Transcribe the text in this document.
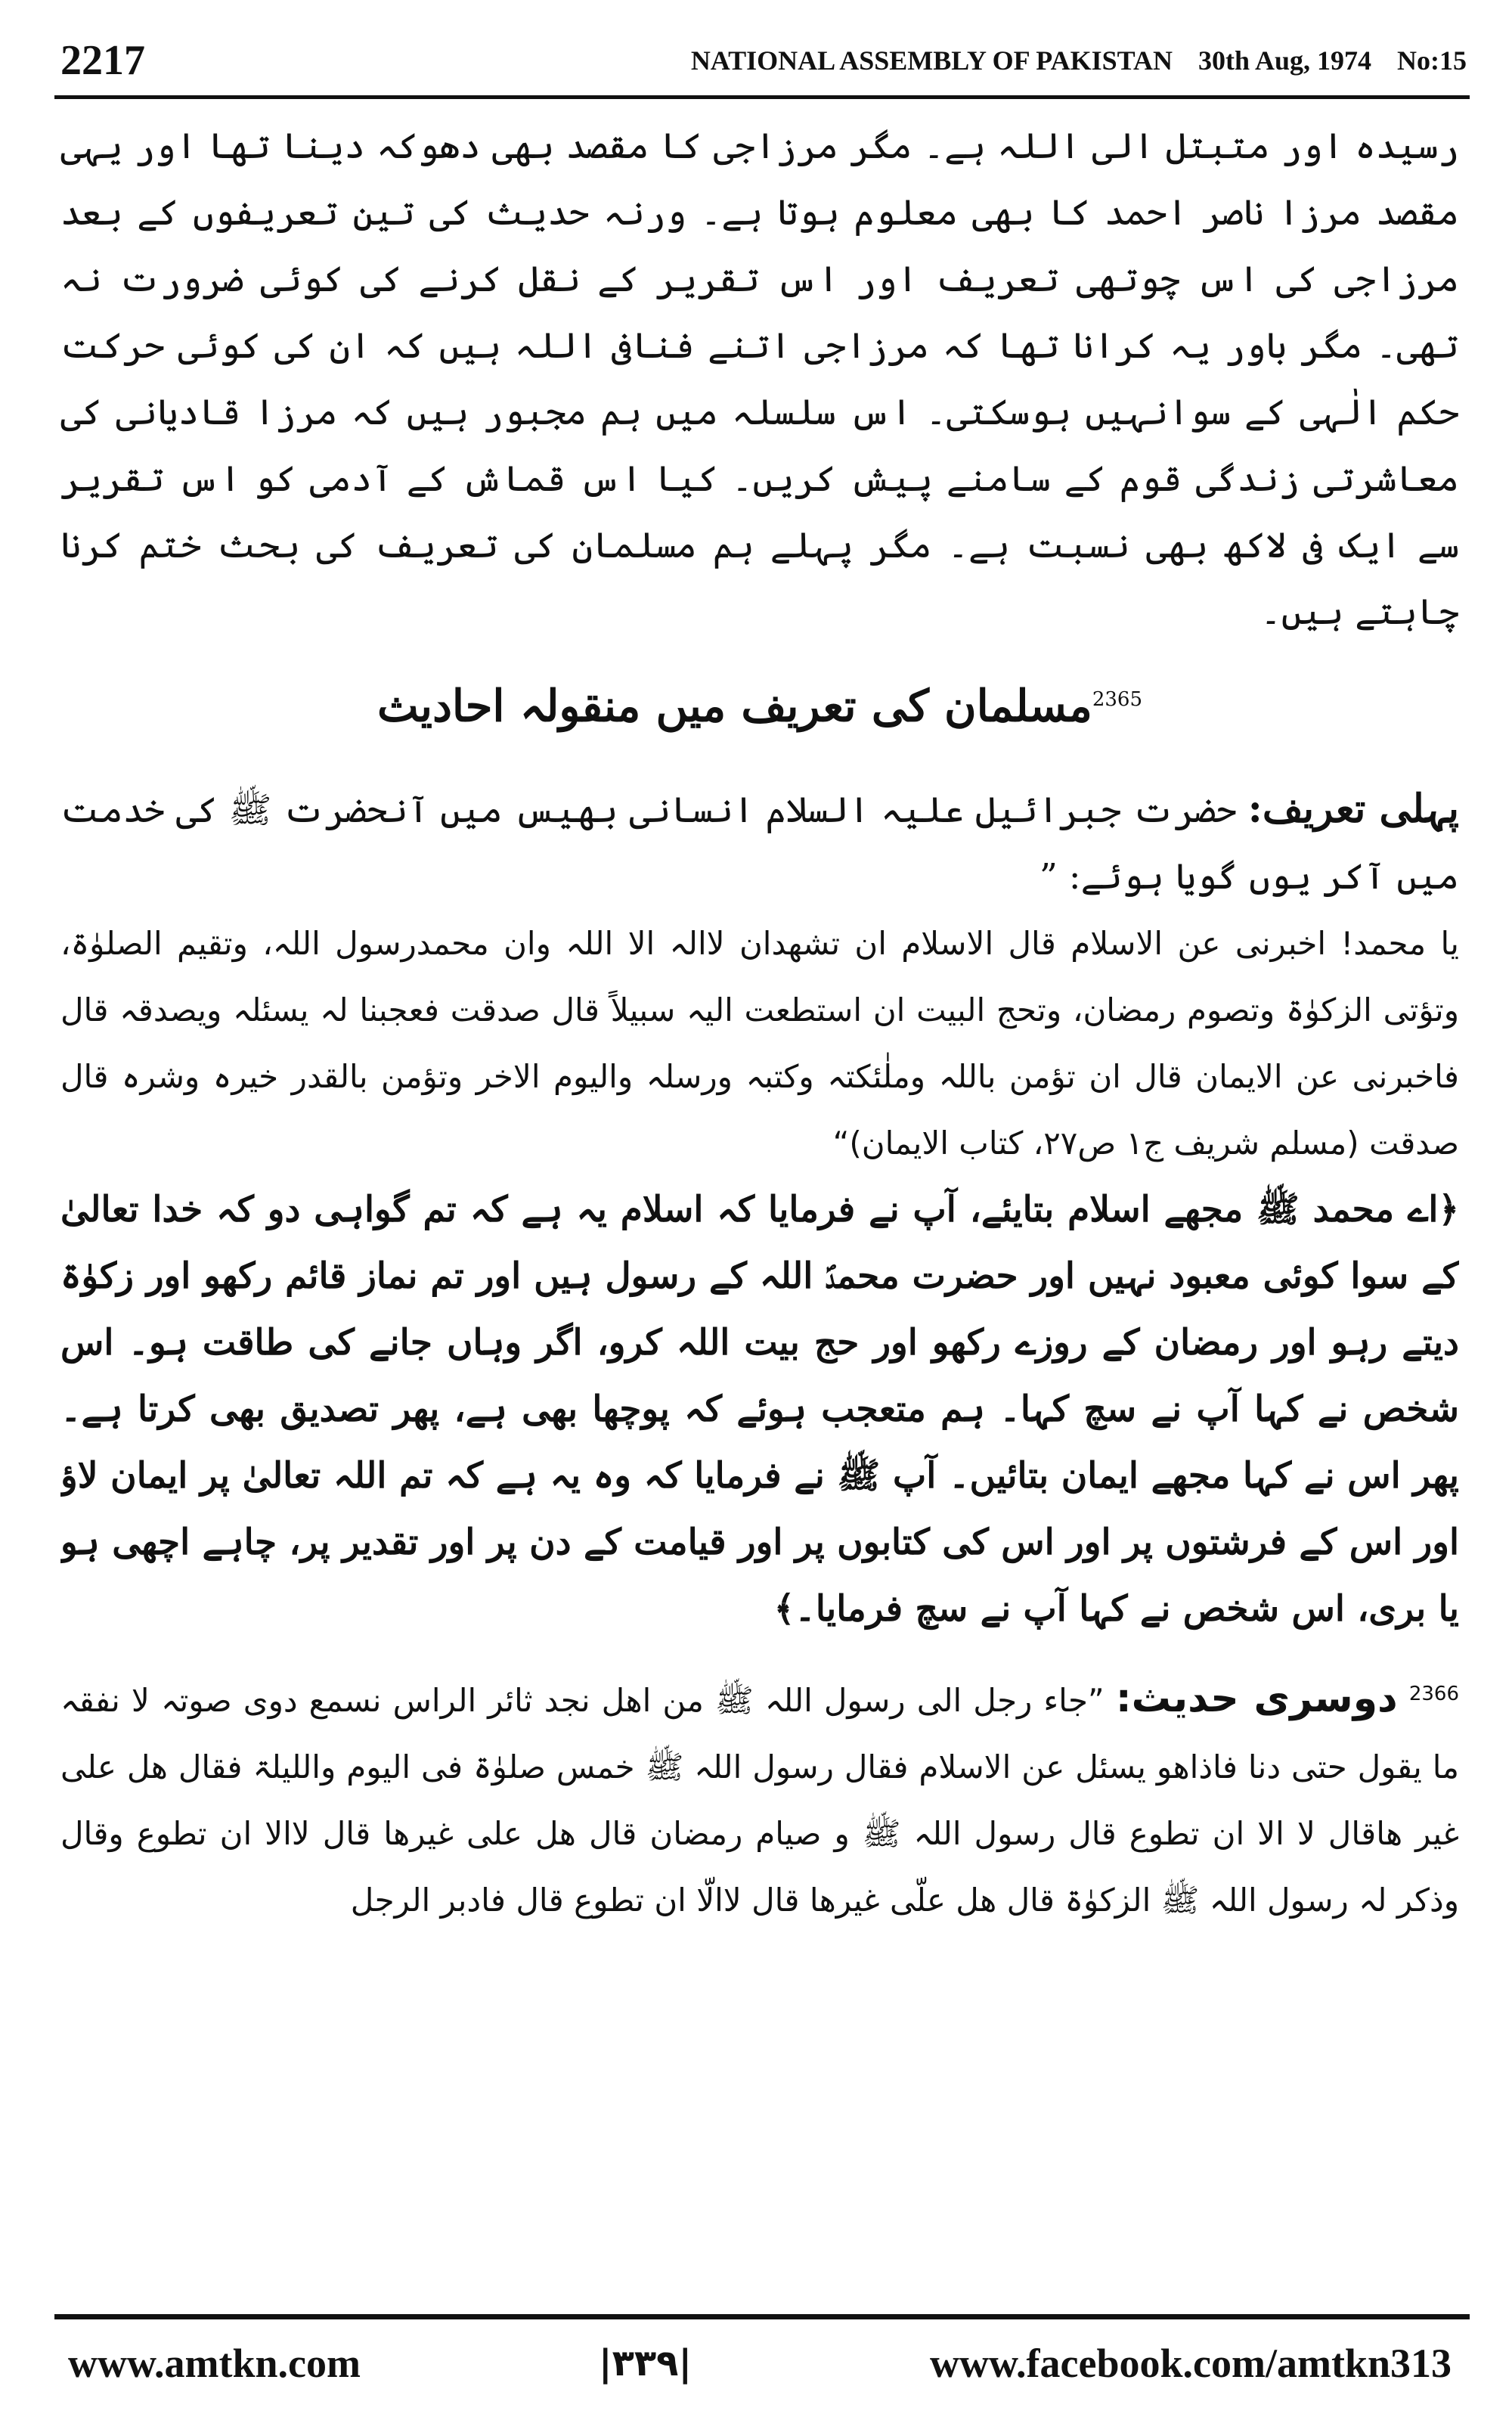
2217	NATIONAL ASSEMBLY OF PAKISTAN 30th Aug, 1974 No:15

رسیدہ اور متبتل الی اللہ ہے۔ مگر مرزاجی کا مقصد بھی دھوکہ دینا تھا اور یہی مقصد مرزا ناصر احمد کا بھی معلوم ہوتا ہے۔ ورنہ حدیث کی تین تعریفوں کے بعد مرزاجی کی اس چوتھی تعریف اور اس تقریر کے نقل کرنے کی کوئی ضرورت نہ تھی۔ مگر باور یہ کرانا تھا کہ مرزاجی اتنے فنافی اللہ ہیں کہ ان کی کوئی حرکت حکم الٰہی کے سوانہیں ہوسکتی۔ اس سلسلہ میں ہم مجبور ہیں کہ مرزا قادیانی کی معاشرتی زندگی قوم کے سامنے پیش کریں۔ کیا اس قماش کے آدمی کو اس تقریر سے ایک فی لاکھ بھی نسبت ہے۔ مگر پہلے ہم مسلمان کی تعریف کی بحث ختم کرنا چاہتے ہیں۔

$^{2365}$مسلمان کی تعریف میں منقولہ احادیث

پہلی تعریف: حضرت جبرائیل علیہ السلام انسانی بھیس میں آنحضرت ﷺ کی خدمت میں آکر یوں گویا ہوئے: ”

یا محمد! اخبرنی عن الاسلام قال الاسلام ان تشھدان لاالہ الا اللہ وان محمدرسول اللہ، وتقیم الصلوٰۃ، وتؤتی الزکوٰۃ وتصوم رمضان، وتحج البیت ان استطعت الیہ سبیلاً قال صدقت فعجبنا لہ یسئلہ ویصدقہ قال فاخبرنی عن الایمان قال ان تؤمن باللہ وملٰئکتہ وکتبہ ورسلہ والیوم الاخر وتؤمن بالقدر خیرہ وشرہ قال صدقت (مسلم شریف ج۱ ص۲۷، کتاب الایمان)“

﴿اے محمد ﷺ مجھے اسلام بتایئے، آپ نے فرمایا کہ اسلام یہ ہے کہ تم گواہی دو کہ خدا تعالیٰ کے سوا کوئی معبود نہیں اور حضرت محمدؐ اللہ کے رسول ہیں اور تم نماز قائم رکھو اور زکوٰۃ دیتے رہو اور رمضان کے روزے رکھو اور حج بیت اللہ کرو، اگر وہاں جانے کی طاقت ہو۔ اس شخص نے کہا آپ نے سچ کہا۔ ہم متعجب ہوئے کہ پوچھا بھی ہے، پھر تصدیق بھی کرتا ہے۔ پھر اس نے کہا مجھے ایمان بتائیں۔ آپ ﷺ نے فرمایا کہ وہ یہ ہے کہ تم اللہ تعالیٰ پر ایمان لاؤ اور اس کے فرشتوں پر اور اس کی کتابوں پر اور قیامت کے دن پر اور تقدیر پر، چاہے اچھی ہو یا بری، اس شخص نے کہا آپ نے سچ فرمایا۔﴾

$^{2366}$ دوسری حدیث: ”جاء رجل الی رسول اللہ ﷺ من اھل نجد ثائر الراس نسمع دوی صوتہ لا نفقہ ما یقول حتی دنا فاذاھو یسئل عن الاسلام فقال رسول اللہ ﷺ خمس صلوٰۃ فی الیوم واللیلۃ فقال ھل علی غیر ھاقال لا الا ان تطوع قال رسول اللہ ﷺ و صیام رمضان قال ھل علی غیرھا قال لاالا ان تطوع وقال وذکر لہ رسول اللہ ﷺ الزکوٰۃ قال ھل علّی غیرھا قال لاالّا ان تطوع قال فادبر الرجل

www.amtkn.com	|۳۳۹|	www.facebook.com/amtkn313
